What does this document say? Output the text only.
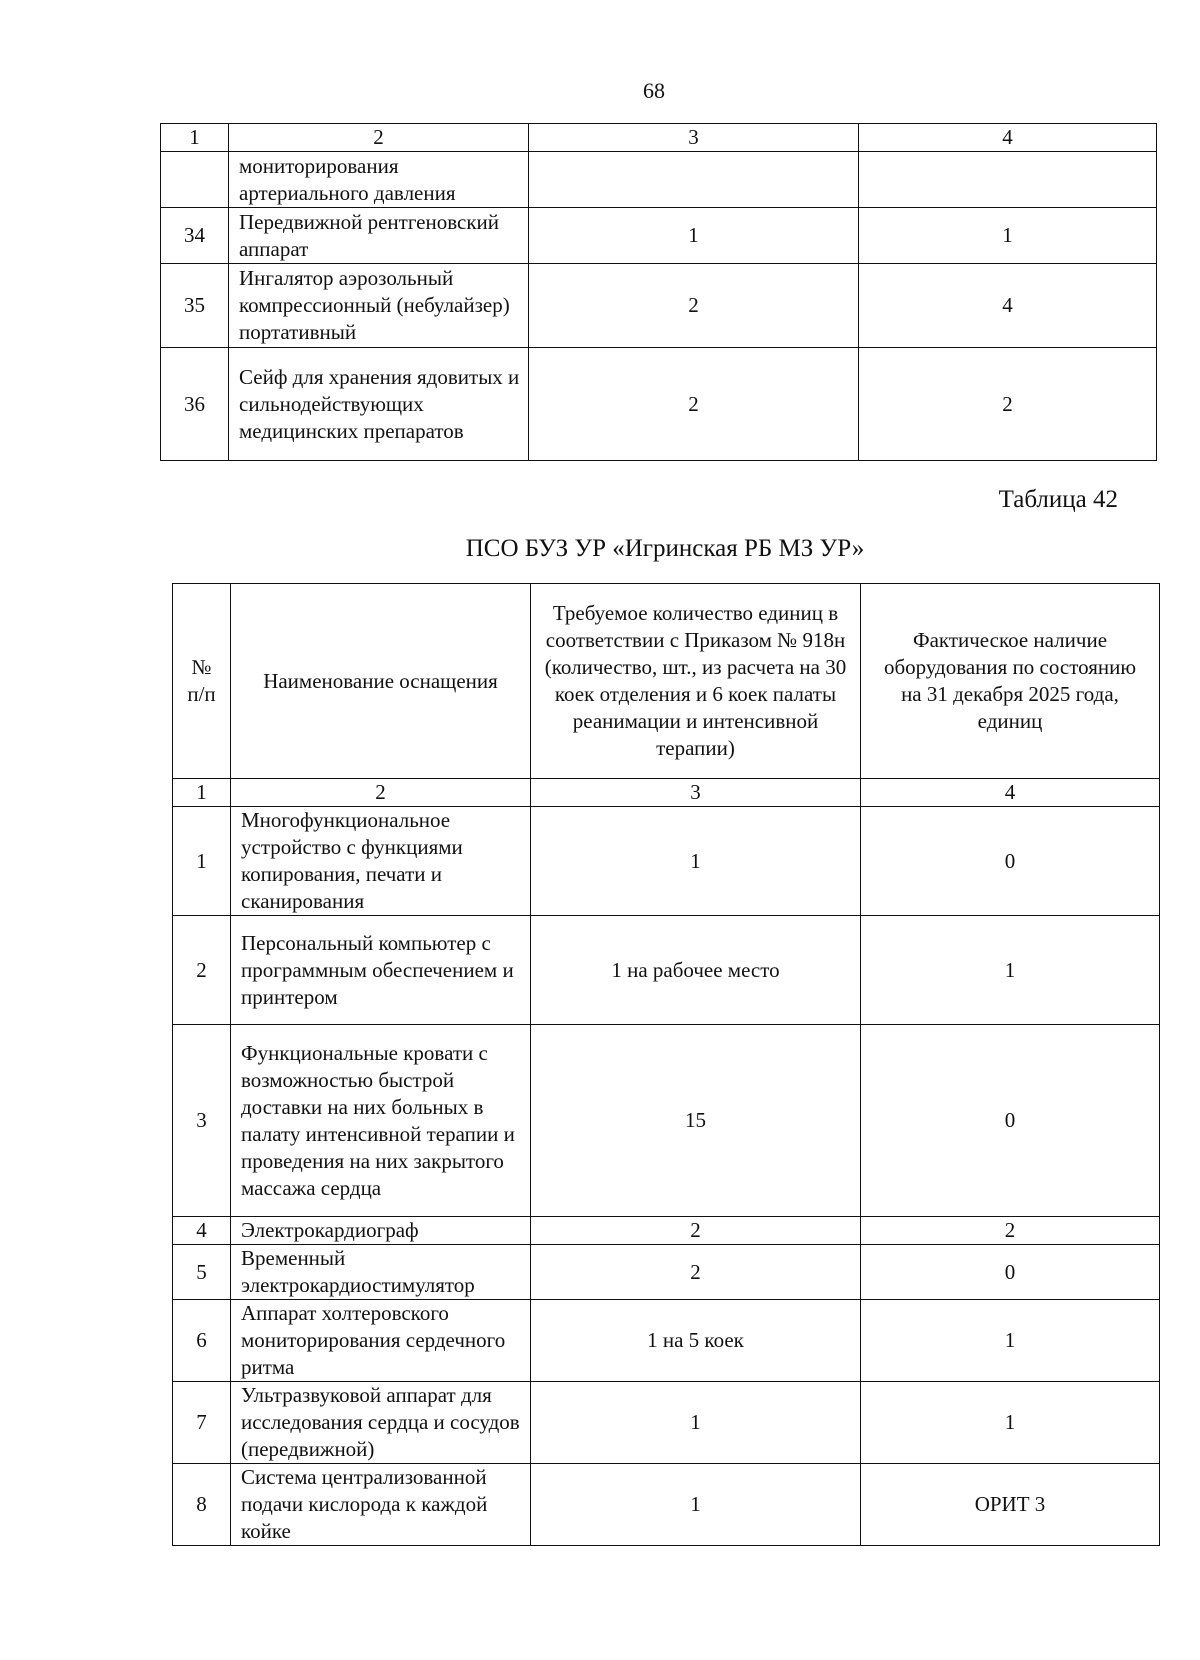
68
1	2	3	4
	мониторирования артериального давления		
34	Передвижной рентгеновский аппарат	1	1
35	Ингалятор аэрозольный компрессионный (небулайзер) портативный	2	4
36	Сейф для хранения ядовитых и сильнодействующих медицинских препаратов	2	2
Таблица 42
ПСО БУЗ УР «Игринская РБ МЗ УР»
№ п/п	Наименование оснащения	Требуемое количество единиц в соответствии с Приказом № 918н (количество, шт., из расчета на 30 коек отделения и 6 коек палаты реанимации и интенсивной терапии)	Фактическое наличие оборудования по состоянию на 31 декабря 2025 года, единиц
1	2	3	4
1	Многофункциональное устройство с функциями копирования, печати и сканирования	1	0
2	Персональный компьютер с программным обеспечением и принтером	1 на рабочее место	1
3	Функциональные кровати с возможностью быстрой доставки на них больных в палату интенсивной терапии и проведения на них закрытого массажа сердца	15	0
4	Электрокардиограф	2	2
5	Временный электрокардиостимулятор	2	0
6	Аппарат холтеровского мониторирования сердечного ритма	1 на 5 коек	1
7	Ультразвуковой аппарат для исследования сердца и сосудов (передвижной)	1	1
8	Система централизованной подачи кислорода к каждой койке	1	ОРИТ 3
